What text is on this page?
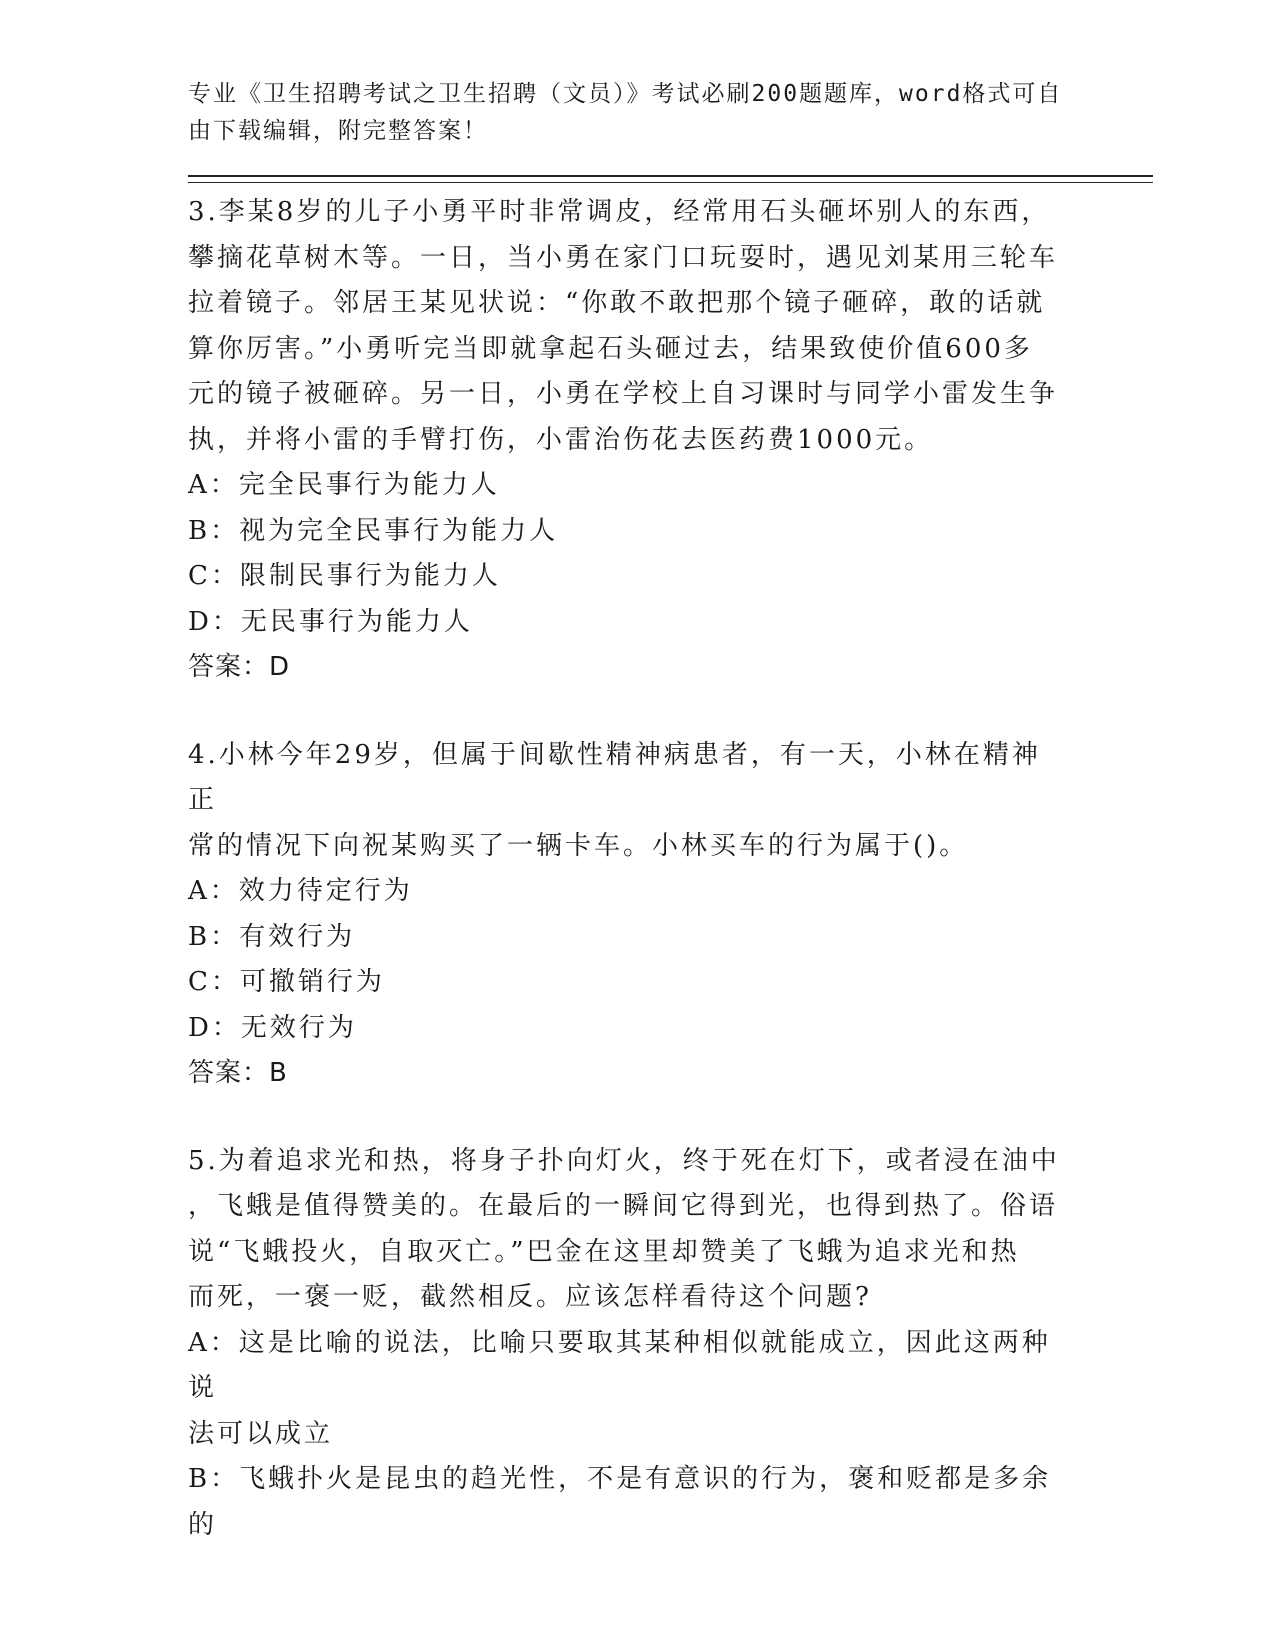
专业《卫生招聘考试之卫生招聘（文员）》考试必刷200题题库，word格式可自
由下载编辑，附完整答案！
3.李某8岁的儿子小勇平时非常调皮，经常用石头砸坏别人的东西，
攀摘花草树木等。一日，当小勇在家门口玩耍时，遇见刘某用三轮车
拉着镜子。邻居王某见状说：“你敢不敢把那个镜子砸碎，敢的话就
算你厉害。”小勇听完当即就拿起石头砸过去，结果致使价值600多
元的镜子被砸碎。另一日，小勇在学校上自习课时与同学小雷发生争
执，并将小雷的手臂打伤，小雷治伤花去医药费1000元。
A：完全民事行为能力人
B：视为完全民事行为能力人
C：限制民事行为能力人
D：无民事行为能力人
答案：D
4.小林今年29岁，但属于间歇性精神病患者，有一天，小林在精神正
常的情况下向祝某购买了一辆卡车。小林买车的行为属于()。
A：效力待定行为
B：有效行为
C：可撤销行为
D：无效行为
答案：B
5.为着追求光和热，将身子扑向灯火，终于死在灯下，或者浸在油中
，飞蛾是值得赞美的。在最后的一瞬间它得到光，也得到热了。俗语
说“飞蛾投火，自取灭亡。”巴金在这里却赞美了飞蛾为追求光和热
而死，一褒一贬，截然相反。应该怎样看待这个问题?
A：这是比喻的说法，比喻只要取其某种相似就能成立，因此这两种说
法可以成立
B：飞蛾扑火是昆虫的趋光性，不是有意识的行为，褒和贬都是多余的
